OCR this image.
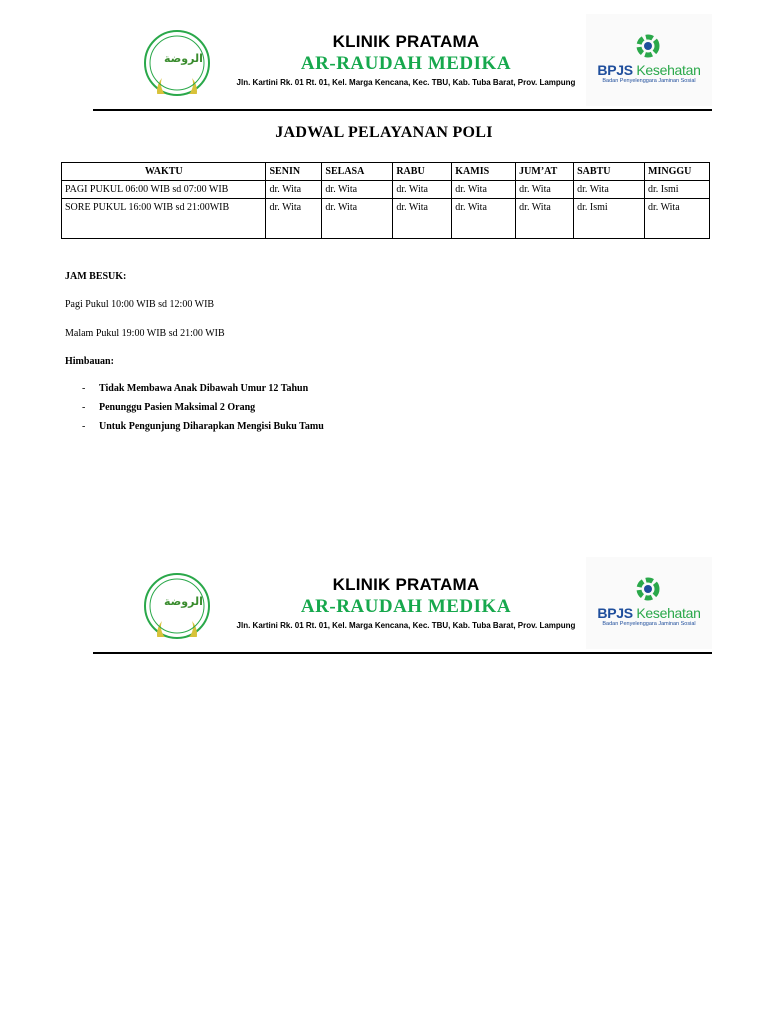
الروضة
KLINIK PRATAMA
AR-RAUDAH MEDIKA
Jln. Kartini Rk. 01 Rt. 01, Kel. Marga Kencana, Kec. TBU, Kab. Tuba Barat, Prov. Lampung
BPJS Kesehatan
Badan Penyelenggara Jaminan Sosial
JADWAL PELAYANAN POLI
WAKTU	SENIN	SELASA	RABU	KAMIS	JUM’AT	SABTU	MINGGU
PAGI PUKUL 06:00 WIB sd 07:00 WIB	dr. Wita	dr. Wita	dr. Wita	dr. Wita	dr. Wita	dr. Wita	dr. Ismi
SORE PUKUL 16:00 WIB sd 21:00WIB	dr. Wita	dr. Wita	dr. Wita	dr. Wita	dr. Wita	dr. Ismi	dr. Wita
JAM BESUK:
Pagi Pukul 10:00 WIB sd 12:00 WIB
Malam Pukul 19:00 WIB sd 21:00 WIB
Himbauan:
- Tidak Membawa Anak Dibawah Umur 12 Tahun
- Penunggu Pasien Maksimal 2 Orang
- Untuk Pengunjung Diharapkan Mengisi Buku Tamu
الروضة
KLINIK PRATAMA
AR-RAUDAH MEDIKA
Jln. Kartini Rk. 01 Rt. 01, Kel. Marga Kencana, Kec. TBU, Kab. Tuba Barat, Prov. Lampung
BPJS Kesehatan
Badan Penyelenggara Jaminan Sosial
